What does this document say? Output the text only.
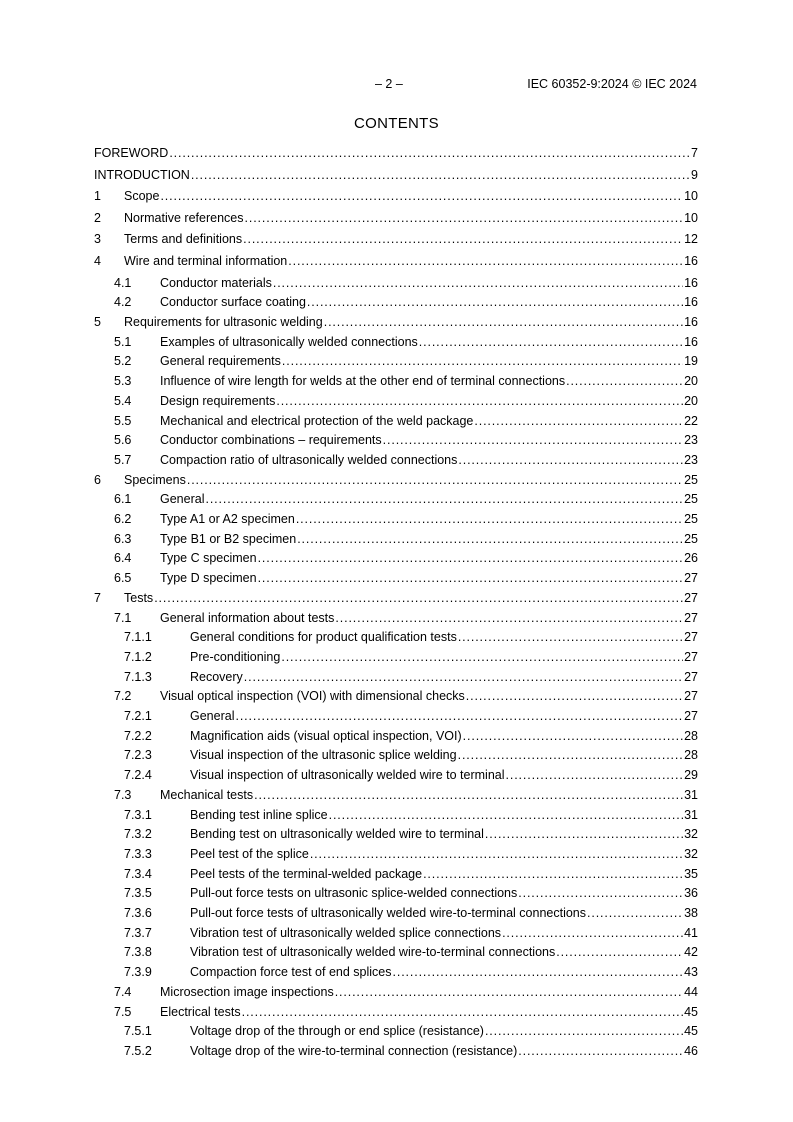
– 2 –	IEC 60352-9:2024 © IEC 2024
CONTENTS
FOREWORD . . .	7
INTRODUCTION . . .	9
1	Scope . . .	10
2	Normative references . . .	10
3	Terms and definitions . . .	12
4	Wire and terminal information . . .	16
4.1	Conductor materials . . .	16
4.2	Conductor surface coating . . .	16
5	Requirements for ultrasonic welding . . .	16
5.1	Examples of ultrasonically welded connections . . .	16
5.2	General requirements . . .	19
5.3	Influence of wire length for welds at the other end of terminal connections . . .	20
5.4	Design requirements . . .	20
5.5	Mechanical and electrical protection of the weld package . . .	22
5.6	Conductor combinations – requirements . . .	23
5.7	Compaction ratio of ultrasonically welded connections . . .	23
6	Specimens . . .	25
6.1	General . . .	25
6.2	Type A1 or A2 specimen . . .	25
6.3	Type B1 or B2 specimen . . .	25
6.4	Type C specimen . . .	26
6.5	Type D specimen . . .	27
7	Tests . . .	27
7.1	General information about tests . . .	27
7.1.1	General conditions for product qualification tests . . .	27
7.1.2	Pre-conditioning . . .	27
7.1.3	Recovery . . .	27
7.2	Visual optical inspection (VOI) with dimensional checks . . .	27
7.2.1	General . . .	27
7.2.2	Magnification aids (visual optical inspection, VOI) . . .	28
7.2.3	Visual inspection of the ultrasonic splice welding . . .	28
7.2.4	Visual inspection of ultrasonically welded wire to terminal . . .	29
7.3	Mechanical tests . . .	31
7.3.1	Bending test inline splice . . .	31
7.3.2	Bending test on ultrasonically welded wire to terminal . . .	32
7.3.3	Peel test of the splice . . .	32
7.3.4	Peel tests of the terminal-welded package . . .	35
7.3.5	Pull-out force tests on ultrasonic splice-welded connections . . .	36
7.3.6	Pull-out force tests of ultrasonically welded wire-to-terminal connections . . .	38
7.3.7	Vibration test of ultrasonically welded splice connections . . .	41
7.3.8	Vibration test of ultrasonically welded wire-to-terminal connections . . .	42
7.3.9	Compaction force test of end splices . . .	43
7.4	Microsection image inspections . . .	44
7.5	Electrical tests . . .	45
7.5.1	Voltage drop of the through or end splice (resistance) . . .	45
7.5.2	Voltage drop of the wire-to-terminal connection (resistance) . . .	46
